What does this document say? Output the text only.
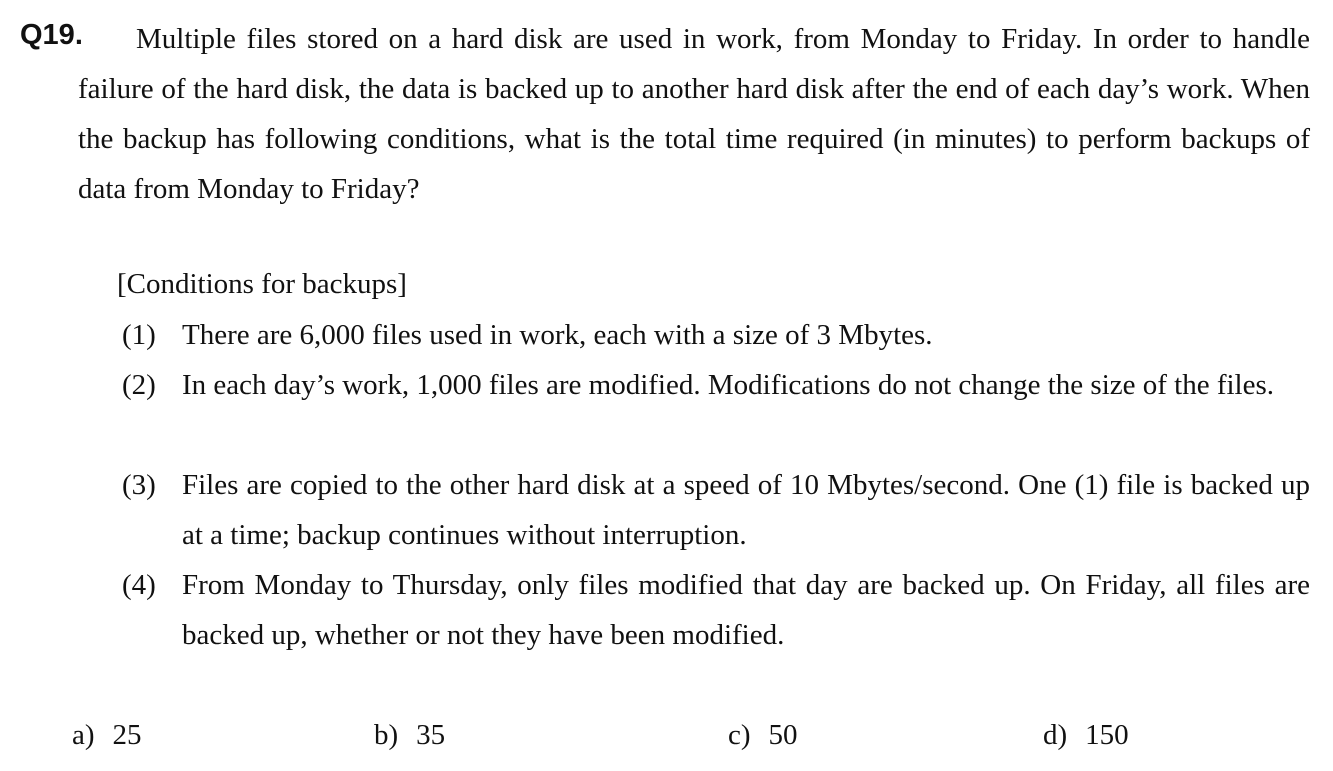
Q19.	Multiple files stored on a hard disk are used in work, from Monday to Friday. In order to handle failure of the hard disk, the data is backed up to another hard disk after the end of each day’s work. When the backup has following conditions, what is the total time required (in minutes) to perform backups of data from Monday to Friday?
[Conditions for backups]
(1) There are 6,000 files used in work, each with a size of 3 Mbytes.
(2) In each day’s work, 1,000 files are modified. Modifications do not change the size of the files.
(3) Files are copied to the other hard disk at a speed of 10 Mbytes/second. One (1) file is backed up at a time; backup continues without interruption.
(4) From Monday to Thursday, only files modified that day are backed up. On Friday, all files are backed up, whether or not they have been modified.
a) 25	b) 35	c) 50	d) 150
